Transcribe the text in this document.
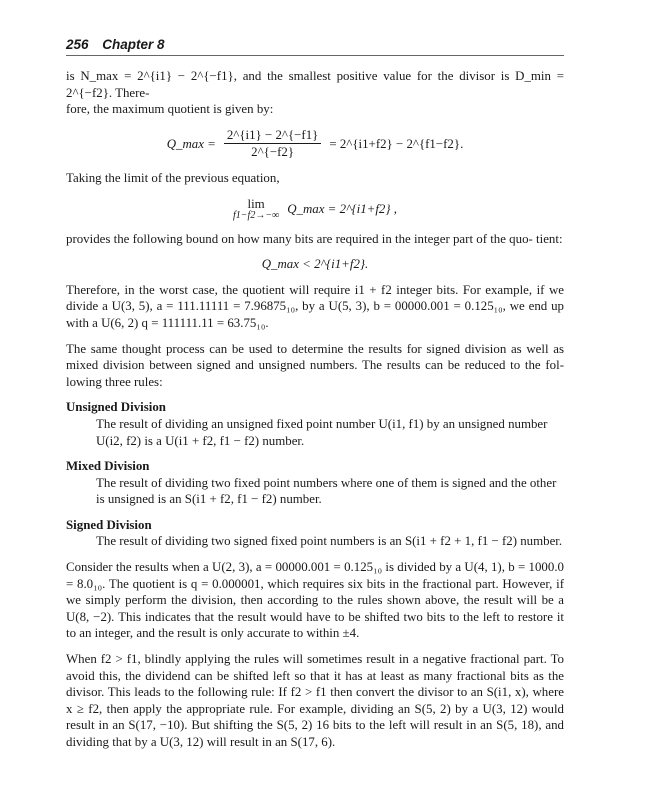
256 Chapter 8

is N_max = 2^{i1} − 2^{−f1}, and the smallest positive value for the divisor is D_min = 2^{−f2}. There-
fore, the maximum quotient is given by:

Q_max = $\frac{2\^{}\{i1\} - 2\^{}\{-f1\}}{2\^{}\{-f2\}}$ = 2^{i1+f2} − 2^{f1−f2}.

Taking the limit of the previous equation,

lim
f1−f2→−∞ Q_max = 2^{i1+f2} ,

provides the following bound on how many bits are required in the integer part of the quo- tient:

Q_max < 2^{i1+f2}.

Therefore, in the worst case, the quotient will require i1 + f2 integer bits. For example, if we divide a U(3, 5), a = 111.11111 = 7.96875₁₀, by a U(5, 3), b = 00000.001 = 0.125₁₀, we end up with a U(6, 2) q = 111111.11 = 63.75₁₀.

The same thought process can be used to determine the results for signed division as well as mixed division between signed and unsigned numbers. The results can be reduced to the fol- lowing three rules:

Unsigned Division

The result of dividing an unsigned fixed point number U(i1, f1) by an unsigned number U(i2, f2) is a U(i1 + f2, f1 − f2) number.

Mixed Division

The result of dividing two fixed point numbers where one of them is signed and the other is unsigned is an S(i1 + f2, f1 − f2) number.

Signed Division

The result of dividing two signed fixed point numbers is an S(i1 + f2 + 1, f1 − f2) number.

Consider the results when a U(2, 3), a = 00000.001 = 0.125₁₀ is divided by a U(4, 1), b = 1000.0 = 8.0₁₀. The quotient is q = 0.000001, which requires six bits in the fractional part. However, if we simply perform the division, then according to the rules shown above, the result will be a U(8, −2). This indicates that the result would have to be shifted two bits to the left to restore it to an integer, and the result is only accurate to within ±4.

When f2 > f1, blindly applying the rules will sometimes result in a negative fractional part. To avoid this, the dividend can be shifted left so that it has at least as many fractional bits as the divisor. This leads to the following rule: If f2 > f1 then convert the divisor to an S(i1, x), where x ≥ f2, then apply the appropriate rule. For example, dividing an S(5, 2) by a U(3, 12) would result in an S(17, −10). But shifting the S(5, 2) 16 bits to the left will result in an S(5, 18), and dividing that by a U(3, 12) will result in an S(17, 6).
